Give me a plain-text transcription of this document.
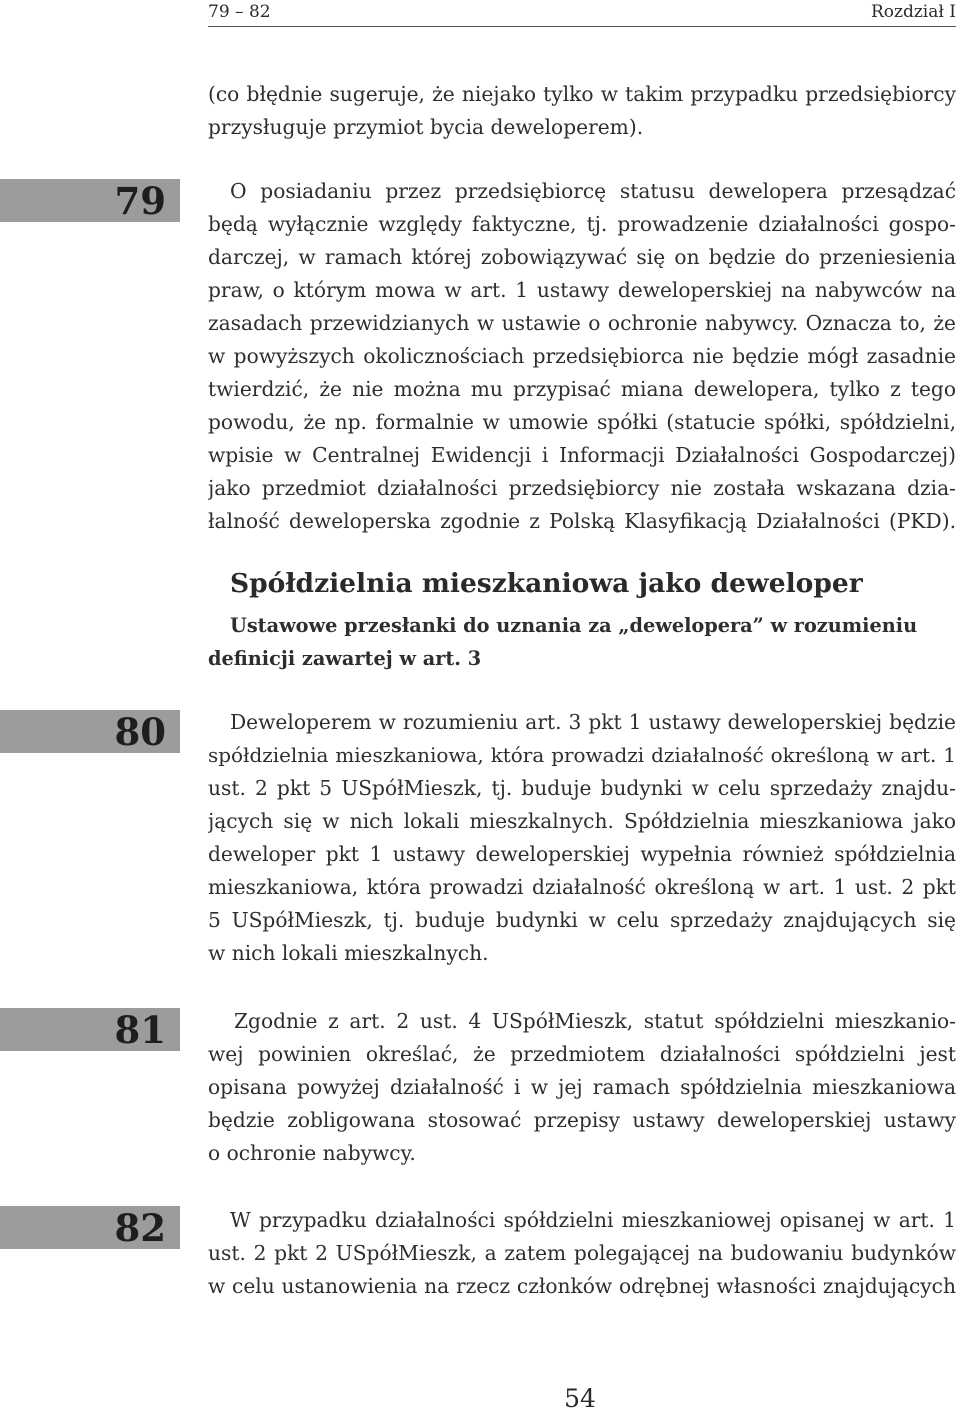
79 – 82	Rozdział I
(co błędnie sugeruje, że niejako tylko w takim przypadku przedsiębiorcy
przysługuje przymiot bycia deweloperem).
79	O posiadaniu przez przedsiębiorcę statusu dewelopera przesądzać
będą wyłącznie względy faktyczne, tj. prowadzenie działalności gospo-
darczej, w ramach której zobowiązywać się on będzie do przeniesienia
praw, o którym mowa w art. 1 ustawy deweloperskiej na nabywców na
zasadach przewidzianych w ustawie o ochronie nabywcy. Oznacza to, że
w powyższych okolicznościach przedsiębiorca nie będzie mógł zasadnie
twierdzić, że nie można mu przypisać miana dewelopera, tylko z tego
powodu, że np. formalnie w umowie spółki (statucie spółki, spółdzielni,
wpisie w Centralnej Ewidencji i Informacji Działalności Gospodarczej)
jako przedmiot działalności przedsiębiorcy nie została wskazana dzia-
łalność deweloperska zgodnie z Polską Klasyfikacją Działalności (PKD).
Spółdzielnia mieszkaniowa jako deweloper
Ustawowe przesłanki do uznania za „dewelopera” w rozumieniu
definicji zawartej w art. 3
80	Deweloperem w rozumieniu art. 3 pkt 1 ustawy deweloperskiej będzie
spółdzielnia mieszkaniowa, która prowadzi działalność określoną w art. 1
ust. 2 pkt 5 USpółMieszk, tj. buduje budynki w celu sprzedaży znajdu-
jących się w nich lokali mieszkalnych. Spółdzielnia mieszkaniowa jako
deweloper pkt 1 ustawy deweloperskiej wypełnia również spółdzielnia
mieszkaniowa, która prowadzi działalność określoną w art. 1 ust. 2 pkt
5 USpółMieszk, tj. buduje budynki w celu sprzedaży znajdujących się
w nich lokali mieszkalnych.
81	Zgodnie z art. 2 ust. 4 USpółMieszk, statut spółdzielni mieszkanio-
wej powinien określać, że przedmiotem działalności spółdzielni jest
opisana powyżej działalność i w jej ramach spółdzielnia mieszkaniowa
będzie zobligowana stosować przepisy ustawy deweloperskiej ustawy
o ochronie nabywcy.
82	W przypadku działalności spółdzielni mieszkaniowej opisanej w art. 1
ust. 2 pkt 2 USpółMieszk, a zatem polegającej na budowaniu budynków
w celu ustanowienia na rzecz członków odrębnej własności znajdujących
54
